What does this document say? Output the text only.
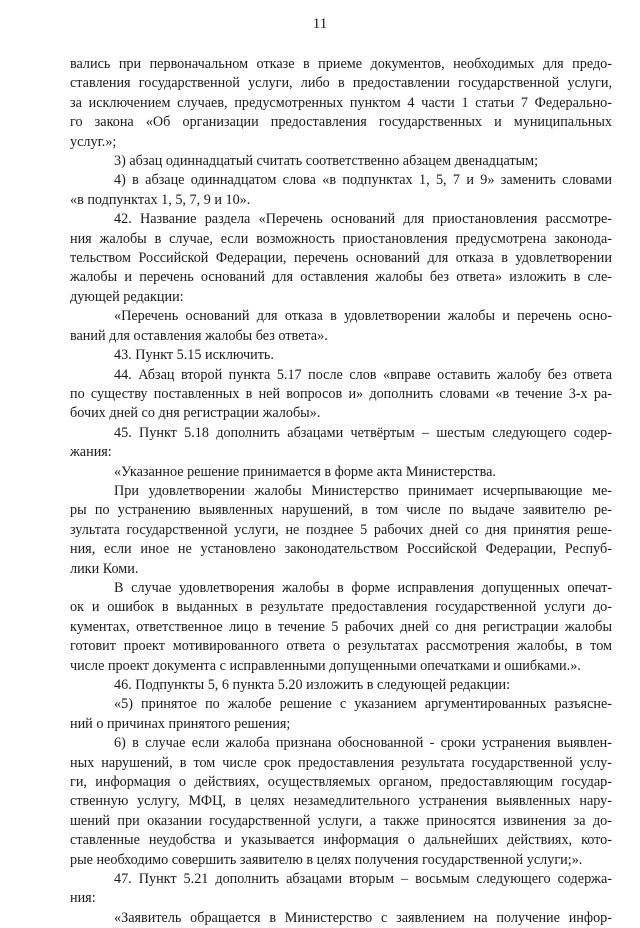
11
вались при первоначальном отказе в приеме документов, необходимых для предо-
ставления государственной услуги, либо в предоставлении государственной услуги,
за исключением случаев, предусмотренных пунктом 4 части 1 статьи 7 Федерально-
го закона «Об организации предоставления государственных и муниципальных
услуг.»;
3) абзац одиннадцатый считать соответственно абзацем двенадцатым;
4) в абзаце одиннадцатом слова «в подпунктах 1, 5, 7 и 9» заменить словами
«в подпунктах 1, 5, 7, 9 и 10».
42. Название раздела «Перечень оснований для приостановления рассмотре-
ния жалобы в случае, если возможность приостановления предусмотрена законода-
тельством Российской Федерации, перечень оснований для отказа в удовлетворении
жалобы и перечень оснований для оставления жалобы без ответа» изложить в сле-
дующей редакции:
«Перечень оснований для отказа в удовлетворении жалобы и перечень осно-
ваний для оставления жалобы без ответа».
43. Пункт 5.15 исключить.
44. Абзац второй пункта 5.17 после слов «вправе оставить жалобу без ответа
по существу поставленных в ней вопросов и» дополнить словами «в течение 3-х ра-
бочих дней со дня регистрации жалобы».
45. Пункт 5.18 дополнить абзацами четвёртым – шестым следующего содер-
жания:
«Указанное решение принимается в форме акта Министерства.
При удовлетворении жалобы Министерство принимает исчерпывающие ме-
ры по устранению выявленных нарушений, в том числе по выдаче заявителю ре-
зультата государственной услуги, не позднее 5 рабочих дней со дня принятия реше-
ния, если иное не установлено законодательством Российской Федерации, Респуб-
лики Коми.
В случае удовлетворения жалобы в форме исправления допущенных опечат-
ок и ошибок в выданных в результате предоставления государственной услуги до-
кументах, ответственное лицо в течение 5 рабочих дней со дня регистрации жалобы
готовит проект мотивированного ответа о результатах рассмотрения жалобы, в том
числе проект документа с исправленными допущенными опечатками и ошибками.».
46. Подпункты 5, 6 пункта 5.20 изложить в следующей редакции:
«5) принятое по жалобе решение с указанием аргументированных разъясне-
ний о причинах принятого решения;
6) в случае если жалоба признана обоснованной - сроки устранения выявлен-
ных нарушений, в том числе срок предоставления результата государственной услу-
ги, информация о действиях, осуществляемых органом, предоставляющим государ-
ственную услугу, МФЦ, в целях незамедлительного устранения выявленных нару-
шений при оказании государственной услуги, а также приносятся извинения за до-
ставленные неудобства и указывается информация о дальнейших действиях, кото-
рые необходимо совершить заявителю в целях получения государственной услуги;».
47. Пункт 5.21 дополнить абзацами вторым – восьмым следующего содержа-
ния:
«Заявитель обращается в Министерство с заявлением на получение инфор-
